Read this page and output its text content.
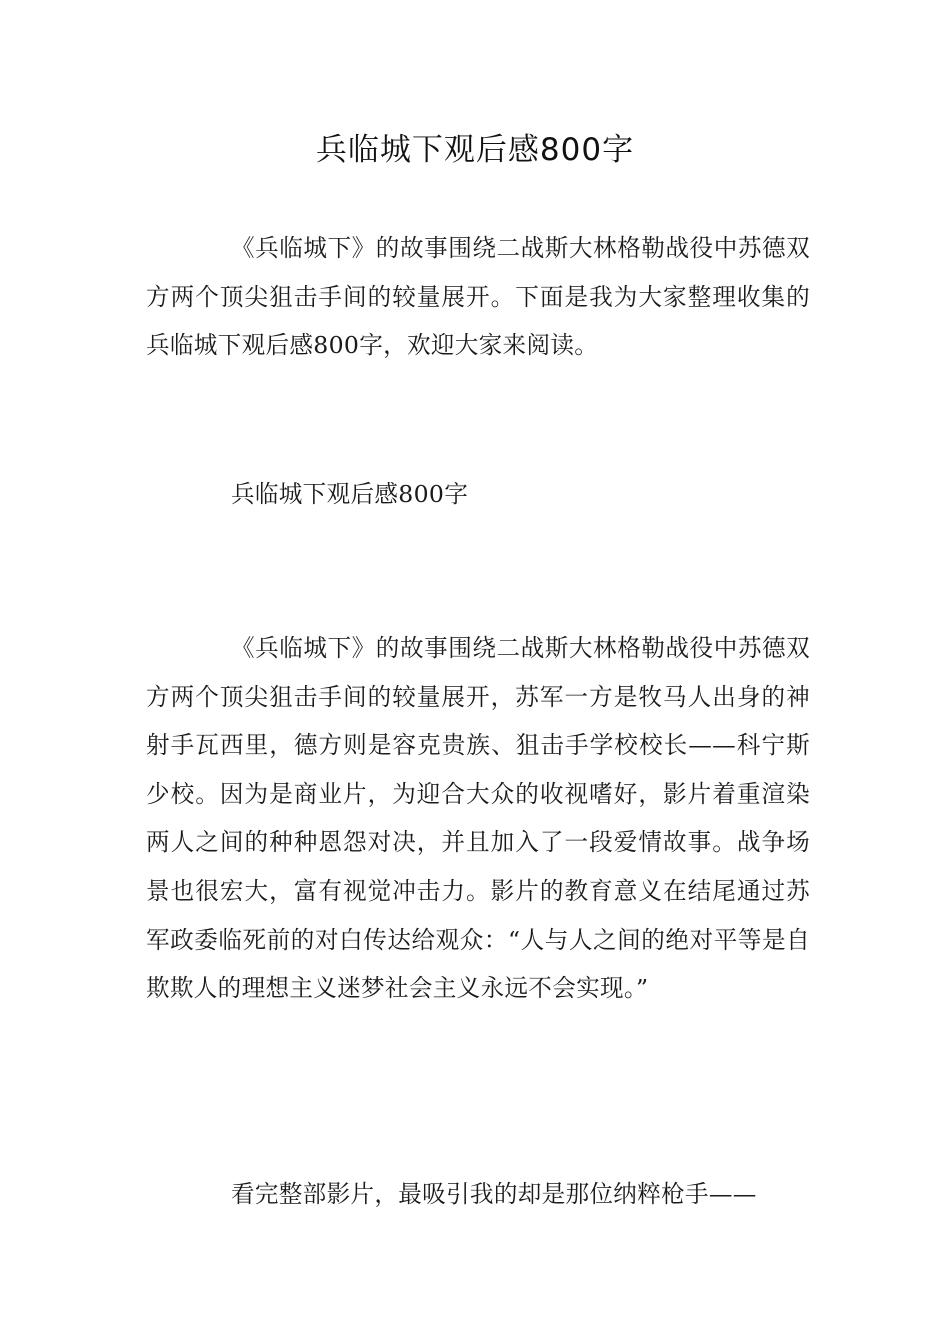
兵临城下观后感800字

《兵临城下》的故事围绕二战斯大林格勒战役中苏德双方两个顶尖狙击手间的较量展开。下面是我为大家整理收集的兵临城下观后感800字，欢迎大家来阅读。

兵临城下观后感800字

《兵临城下》的故事围绕二战斯大林格勒战役中苏德双方两个顶尖狙击手间的较量展开，苏军一方是牧马人出身的神射手瓦西里，德方则是容克贵族、狙击手学校校长——科宁斯少校。因为是商业片，为迎合大众的收视嗜好，影片着重渲染两人之间的种种恩怨对决，并且加入了一段爱情故事。战争场景也很宏大，富有视觉冲击力。影片的教育意义在结尾通过苏军政委临死前的对白传达给观众：“人与人之间的绝对平等是自欺欺人的理想主义迷梦社会主义永远不会实现。”

看完整部影片，最吸引我的却是那位纳粹枪手——
